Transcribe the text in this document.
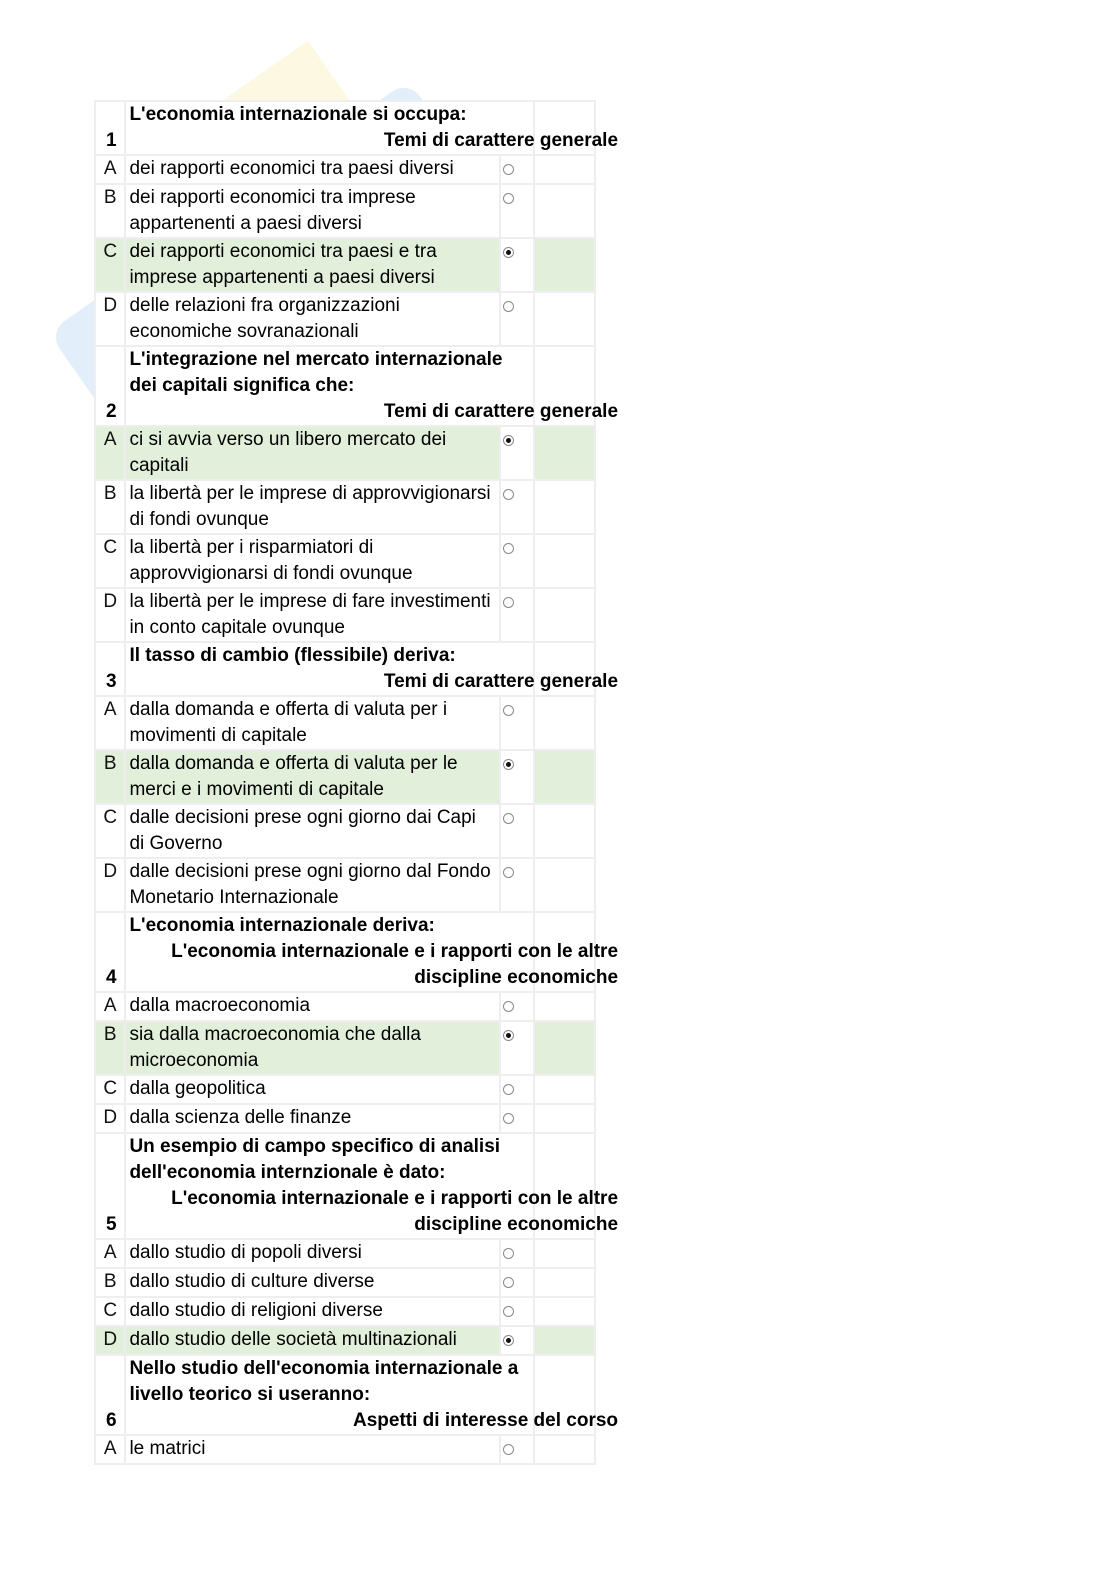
1	L'economia internazionale si occupa:
Temi di carattere generale		

A	dei rapporti economici tra paesi diversi		
B	dei rapporti economici tra imprese appartenenti a paesi diversi		
C	dei rapporti economici tra paesi e tra imprese appartenenti a paesi diversi		
D	delle relazioni fra organizzazioni economiche sovranazionali		
2	L'integrazione nel mercato internazionale dei capitali significa che:
Temi di carattere generale		

A	ci si avvia verso un libero mercato dei capitali		
B	la libertà per le imprese di approvvigionarsi di fondi ovunque		
C	la libertà per i risparmiatori di approvvigionarsi di fondi ovunque		
D	la libertà per le imprese di fare investimenti in conto capitale ovunque		
3	Il tasso di cambio (flessibile) deriva:
Temi di carattere generale		

A	dalla domanda e offerta di valuta per i movimenti di capitale		
B	dalla domanda e offerta di valuta per le merci e i movimenti di capitale		
C	dalle decisioni prese ogni giorno dai Capi di Governo		
D	dalle decisioni prese ogni giorno dal Fondo Monetario Internazionale		
4	L'economia internazionale deriva:
L'economia internazionale e i rapporti con le altre discipline economiche		

A	dalla macroeconomia		
B	sia dalla macroeconomia che dalla microeconomia		
C	dalla geopolitica		
D	dalla scienza delle finanze		
5	Un esempio di campo specifico di analisi dell'economia internzionale è dato:
L'economia internazionale e i rapporti con le altre discipline economiche		

A	dallo studio di popoli diversi		
B	dallo studio di culture diverse		
C	dallo studio di religioni diverse		
D	dallo studio delle società multinazionali		
6	Nello studio dell'economia internazionale a livello teorico si useranno:
Aspetti di interesse del corso		

A	le matrici		
